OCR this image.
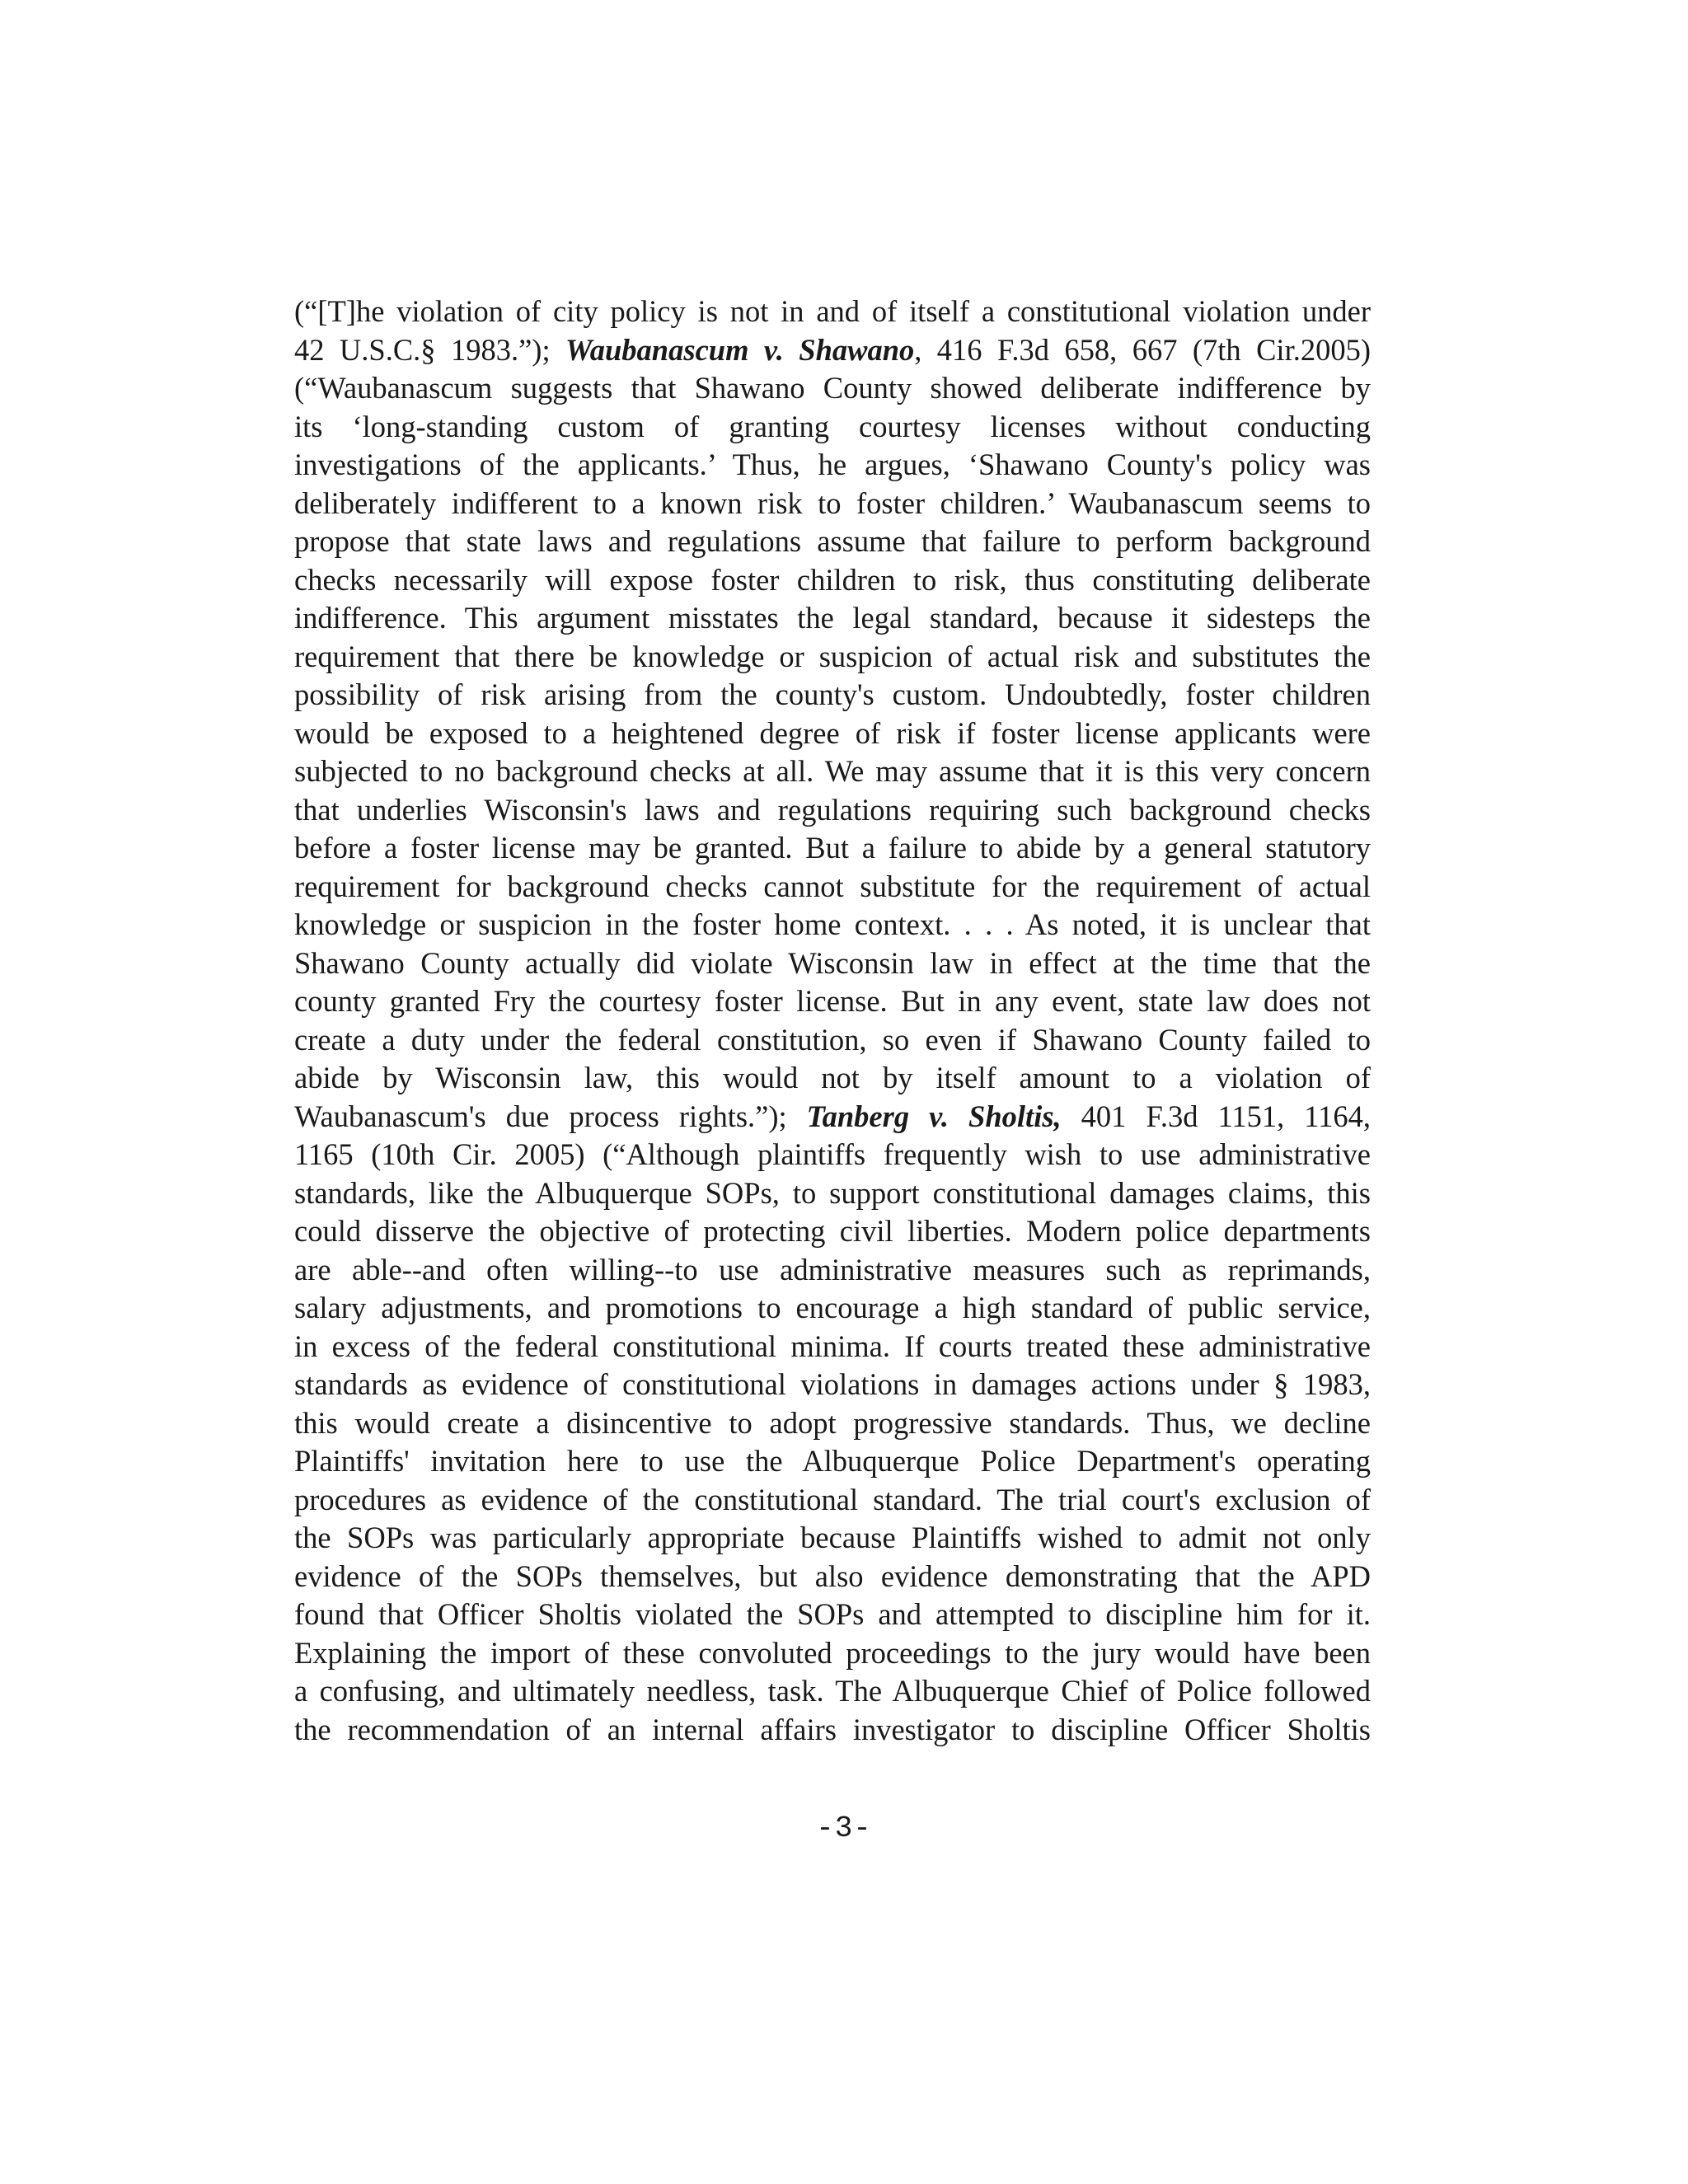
(“[T]he violation of city policy is not in and of itself a constitutional violation under
42 U.S.C.§ 1983.”); Waubanascum v. Shawano, 416 F.3d 658, 667 (7th Cir.2005)
(“Waubanascum suggests that Shawano County showed deliberate indifference by
its ‘long-standing custom of granting courtesy licenses without conducting
investigations of the applicants.’ Thus, he argues, ‘Shawano County's policy was
deliberately indifferent to a known risk to foster children.’ Waubanascum seems to
propose that state laws and regulations assume that failure to perform background
checks necessarily will expose foster children to risk, thus constituting deliberate
indifference. This argument misstates the legal standard, because it sidesteps the
requirement that there be knowledge or suspicion of actual risk and substitutes the
possibility of risk arising from the county's custom. Undoubtedly, foster children
would be exposed to a heightened degree of risk if foster license applicants were
subjected to no background checks at all. We may assume that it is this very concern
that underlies Wisconsin's laws and regulations requiring such background checks
before a foster license may be granted. But a failure to abide by a general statutory
requirement for background checks cannot substitute for the requirement of actual
knowledge or suspicion in the foster home context. . . . As noted, it is unclear that
Shawano County actually did violate Wisconsin law in effect at the time that the
county granted Fry the courtesy foster license. But in any event, state law does not
create a duty under the federal constitution, so even if Shawano County failed to
abide by Wisconsin law, this would not by itself amount to a violation of
Waubanascum's due process rights.”); Tanberg v. Sholtis, 401 F.3d 1151, 1164,
1165 (10th Cir. 2005) (“Although plaintiffs frequently wish to use administrative
standards, like the Albuquerque SOPs, to support constitutional damages claims, this
could disserve the objective of protecting civil liberties. Modern police departments
are able--and often willing--to use administrative measures such as reprimands,
salary adjustments, and promotions to encourage a high standard of public service,
in excess of the federal constitutional minima. If courts treated these administrative
standards as evidence of constitutional violations in damages actions under § 1983,
this would create a disincentive to adopt progressive standards. Thus, we decline
Plaintiffs' invitation here to use the Albuquerque Police Department's operating
procedures as evidence of the constitutional standard. The trial court's exclusion of
the SOPs was particularly appropriate because Plaintiffs wished to admit not only
evidence of the SOPs themselves, but also evidence demonstrating that the APD
found that Officer Sholtis violated the SOPs and attempted to discipline him for it.
Explaining the import of these convoluted proceedings to the jury would have been
a confusing, and ultimately needless, task. The Albuquerque Chief of Police followed
the recommendation of an internal affairs investigator to discipline Officer Sholtis
-3-
